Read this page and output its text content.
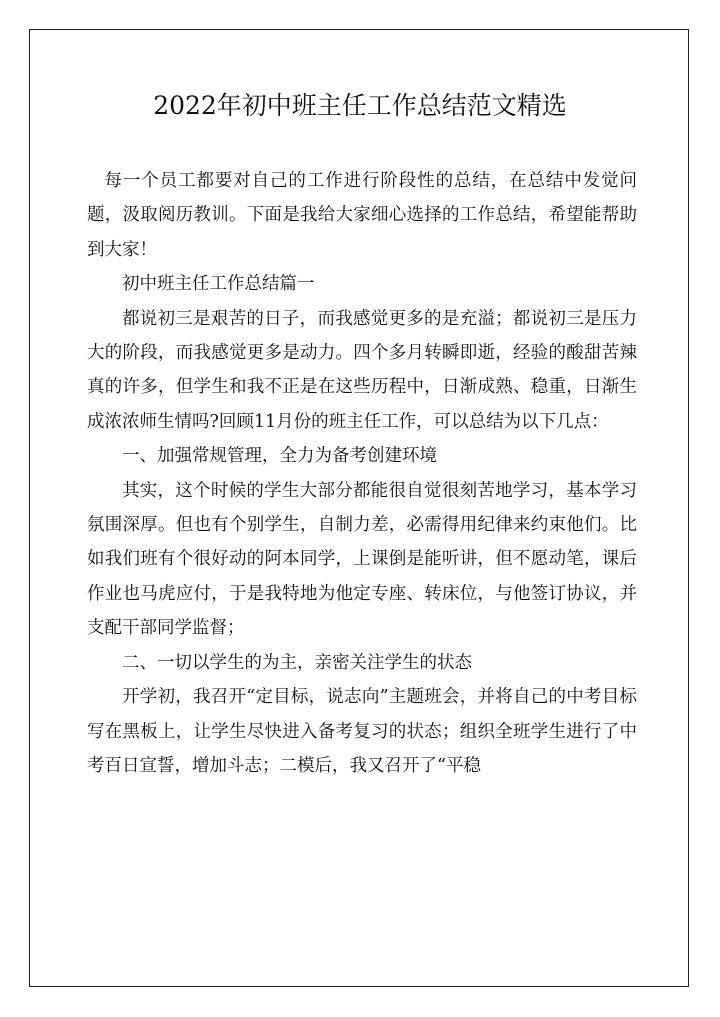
2022年初中班主任工作总结范文精选

每一个员工都要对自己的工作进行阶段性的总结，在总结中发觉问题，汲取阅历教训。下面是我给大家细心选择的工作总结，希望能帮助到大家！

初中班主任工作总结篇一

都说初三是艰苦的日子，而我感觉更多的是充溢；都说初三是压力大的阶段，而我感觉更多是动力。四个多月转瞬即逝，经验的酸甜苦辣真的许多，但学生和我不正是在这些历程中，日渐成熟、稳重，日渐生成浓浓师生情吗?回顾11月份的班主任工作，可以总结为以下几点：

一、加强常规管理，全力为备考创建环境

其实，这个时候的学生大部分都能很自觉很刻苦地学习，基本学习氛围深厚。但也有个别学生，自制力差，必需得用纪律来约束他们。比如我们班有个很好动的阿本同学，上课倒是能听讲，但不愿动笔，课后作业也马虎应付，于是我特地为他定专座、转床位，与他签订协议，并支配干部同学监督；

二、一切以学生的为主，亲密关注学生的状态

开学初，我召开“定目标，说志向”主题班会，并将自己的中考目标写在黑板上，让学生尽快进入备考复习的状态；组织全班学生进行了中考百日宣誓，增加斗志；二模后，我又召开了“平稳
